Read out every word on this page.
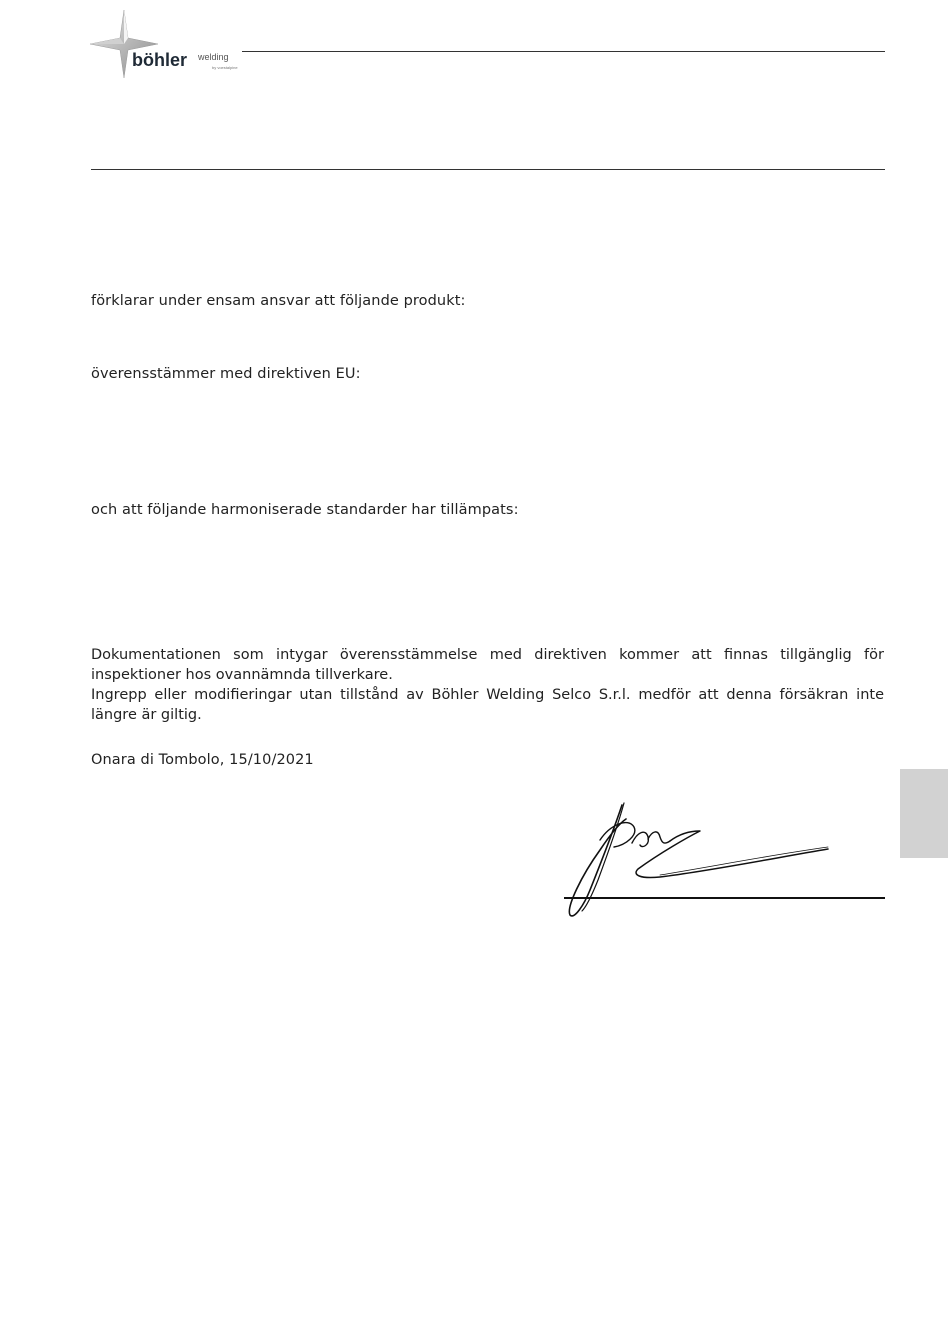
böhler welding
by voestalpine
förklarar under ensam ansvar att följande produkt:
överensstämmer med direktiven EU:
och att följande harmoniserade standarder har tillämpats:

Dokumentationen som intygar överensstämmelse med direktiven kommer att finnas tillgänglig för inspektioner hos ovannämnda tillverkare.

Ingrepp eller modifieringar utan tillstånd av Böhler Welding Selco S.r.l. medför att denna försäkran inte längre är giltig.

Onara di Tombolo, 15/10/2021
